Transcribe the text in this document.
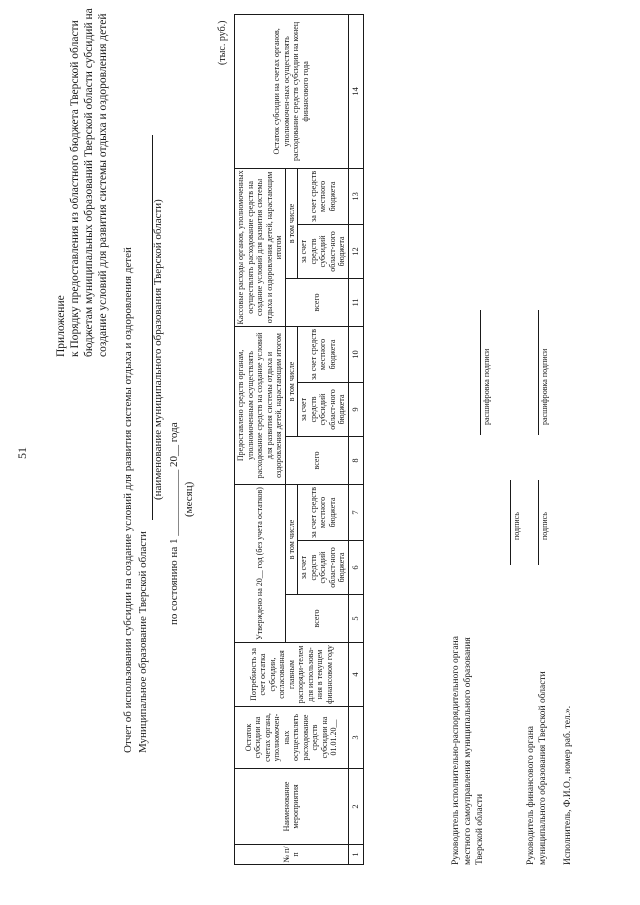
51
Приложение к Порядку предоставления из областного бюджета Тверской области бюджетам муниципальных образований Тверской области субсидий на создание условий для развития системы отдыха и оздоровления детей
Отчет об использовании субсидии на создание условий для развития системы отдыха и оздоровления детей Муниципальное образование Тверской области
(наименование муниципального образования Тверской области)
по состоянию на 1 ____________ 20__ года (месяц)
(тыс. руб.)
№ п/п	Наименование мероприятия	Остаток субсидии на счетах органа, уполномочен-ных осуществлять расходование средств субсидии на 01.01.20__	Потребность за счет остатка субсидии, согласованная главным распоряди-телем для использова-ния в текущем финансовом году	Утверждено на 20__ год (без учета остатков)			Предоставлено средств органам, уполномоченным осуществлять расходование средств на создание условий для развития системы отдыха и оздоровления детей, нарастающим итогом			Кассовые расходы органов, уполномоченных осуществлять расходование средств на создание условий для развития системы отдыха и оздоровления детей, нарастающим итогом			Остаток субсидии на счетах органов, уполномочен-ных осуществлять расходование средств субсидии на конец финансового года
				всего	в том числе		всего	в том числе		всего	в том числе		
					за счет средств субсидий област-ного бюджета	за счет средств местного бюджета		за счет средств субсидий област-ного бюджета	за счет средств местного бюджета		за счет средств субсидий област-ного бюджета	за счет средств местного бюджета	
1	2	3	4	5	6	7	8	9	10	11	12	13	14
Руководитель исполнительно-распорядительного органа местного самоуправления муниципального образования Тверской области
подпись
расшифровка подписи
Руководитель финансового органа муниципального образования Тверской области
подпись
расшифровка подписи
Исполнитель, Ф.И.О., номер раб. тел.».
